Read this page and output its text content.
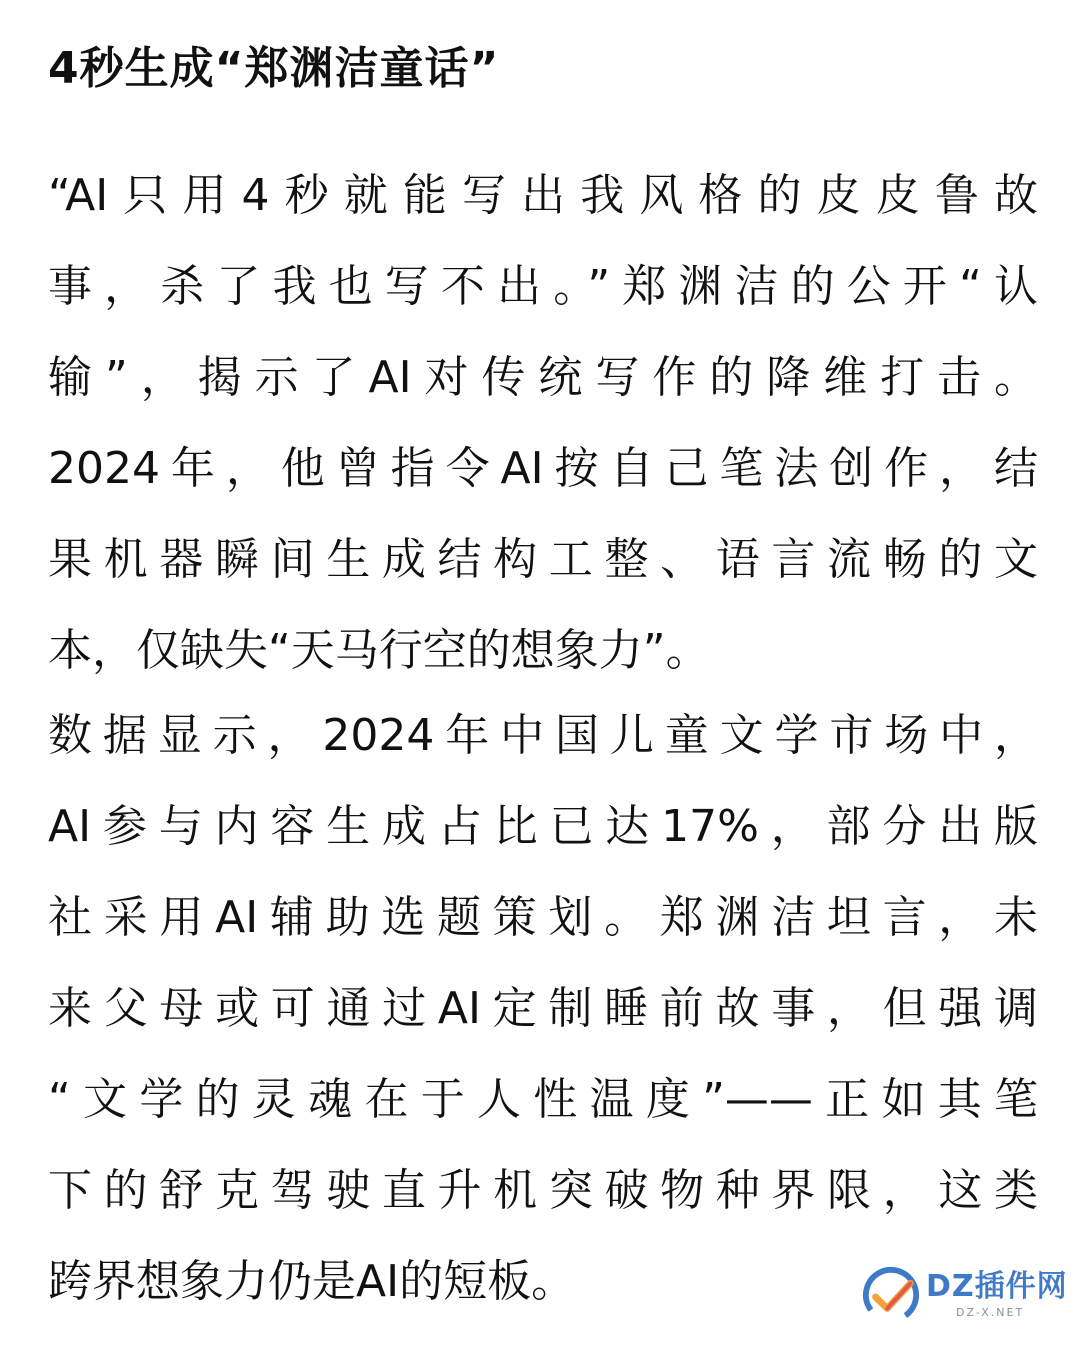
4秒生成“郑渊洁童话”
“AI只用4秒就能写出我风格的皮皮鲁故
事，杀了我也写不出。”郑渊洁的公开“认
输”，揭示了AI对传统写作的降维打击。
2024年，他曾指令AI按自己笔法创作，结
果机器瞬间生成结构工整、语言流畅的文
本，仅缺失“天马行空的想象力”。
数据显示，2024年中国儿童文学市场中，
AI参与内容生成占比已达17%，部分出版
社采用AI辅助选题策划。郑渊洁坦言，未
来父母或可通过AI定制睡前故事，但强调
“文学的灵魂在于人性温度”——正如其笔
下的舒克驾驶直升机突破物种界限，这类
跨界想象力仍是AI的短板。	DZ插件网
DZ-X.NET
